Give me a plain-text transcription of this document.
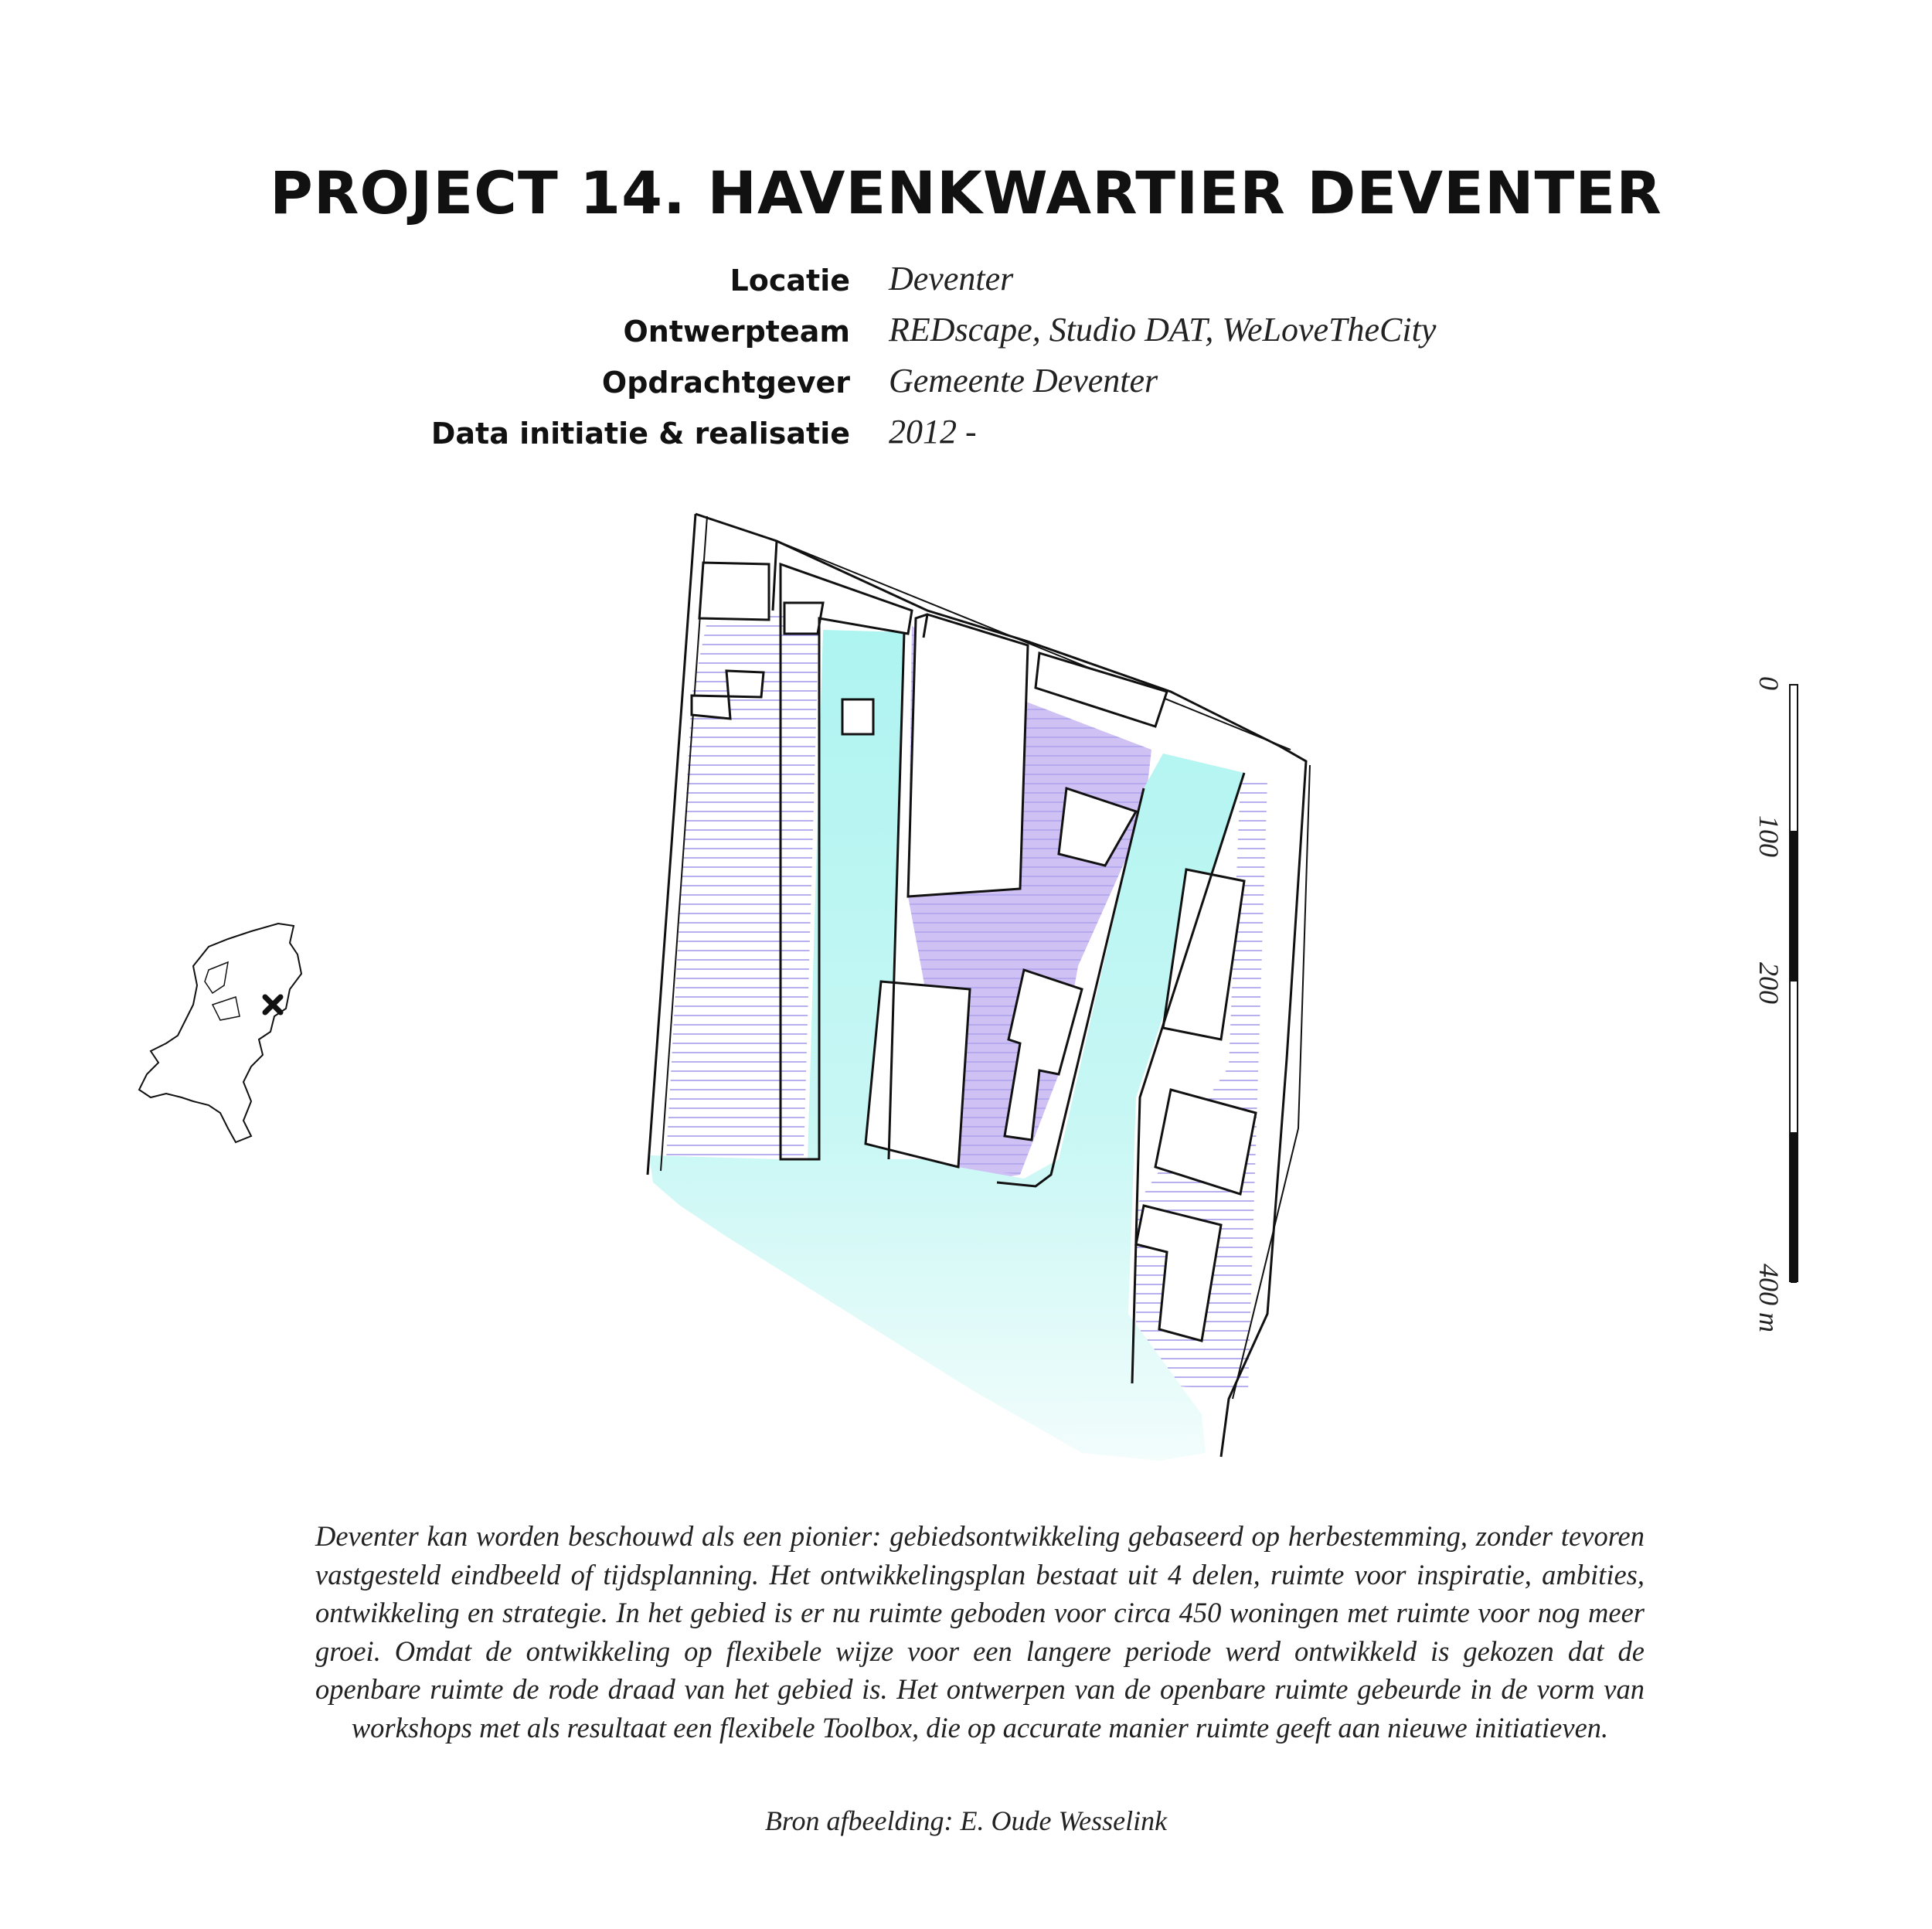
PROJECT 14. HAVENKWARTIER DEVENTER
Locatie Deventer
Ontwerpteam REDscape, Studio DAT, WeLoveTheCity
Opdrachtgever Gemeente Deventer
Data initiatie & realisatie 2012 -
0
100
200
400 m

Deventer kan worden beschouwd als een pionier: gebiedsontwikkeling gebaseerd op herbestemming, zonder tevoren vastgesteld eindbeeld of tijdsplanning. Het ontwikkelingsplan bestaat uit 4 delen, ruimte voor inspiratie, ambities, ontwikkeling en strategie. In het gebied is er nu ruimte geboden voor circa 450 woningen met ruimte voor nog meer groei. Omdat de ontwikkeling op flexibele wijze voor een langere periode werd ontwikkeld is gekozen dat de openbare ruimte de rode draad van het gebied is. Het ontwerpen van de openbare ruimte gebeurde in de vorm van workshops met als resultaat een flexibele Toolbox, die op accurate manier ruimte geeft aan nieuwe initiatieven.

Bron afbeelding: E. Oude Wesselink
